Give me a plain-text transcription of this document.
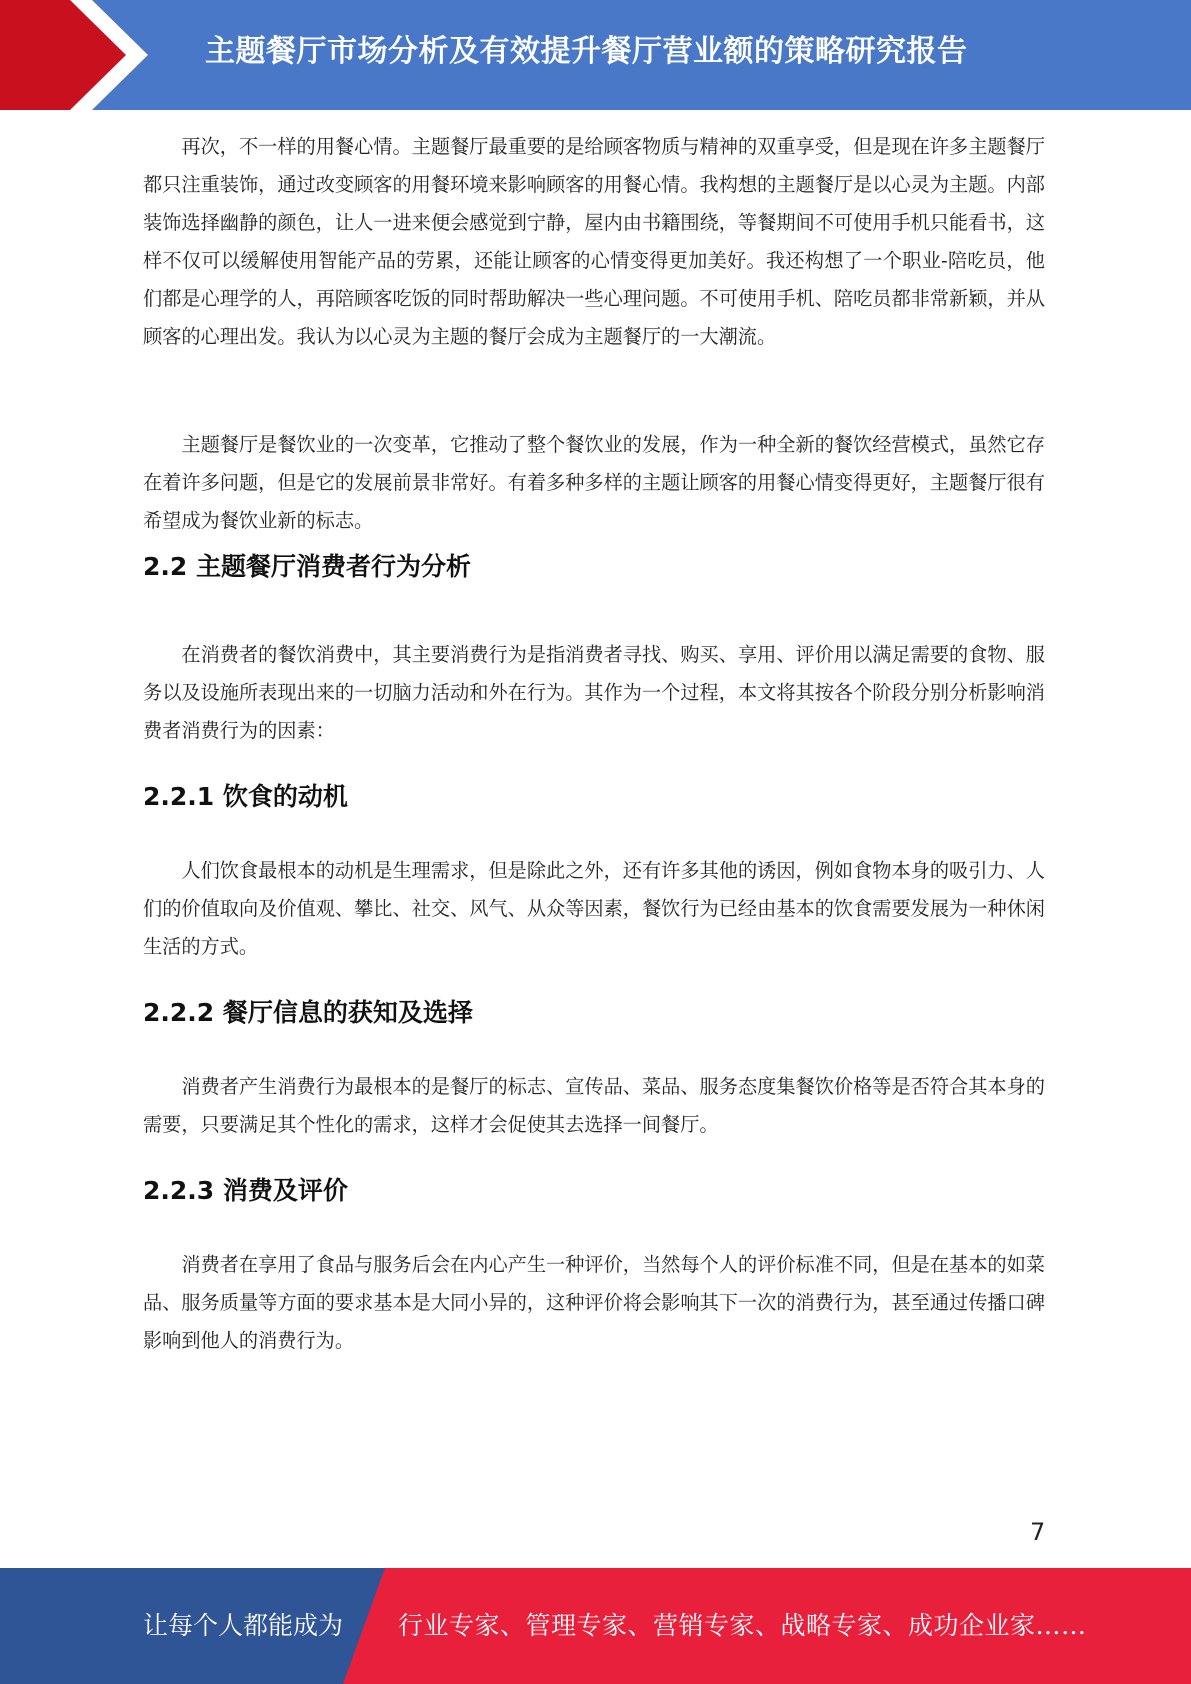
主题餐厅市场分析及有效提升餐厅营业额的策略研究报告

再次，不一样的用餐心情。主题餐厅最重要的是给顾客物质与精神的双重享受，但是现在许多主题餐厅都只注重装饰，通过改变顾客的用餐环境来影响顾客的用餐心情。我构想的主题餐厅是以心灵为主题。内部装饰选择幽静的颜色，让人一进来便会感觉到宁静，屋内由书籍围绕，等餐期间不可使用手机只能看书，这样不仅可以缓解使用智能产品的劳累，还能让顾客的心情变得更加美好。我还构想了一个职业-陪吃员，他们都是心理学的人，再陪顾客吃饭的同时帮助解决一些心理问题。不可使用手机、陪吃员都非常新颖，并从顾客的心理出发。我认为以心灵为主题的餐厅会成为主题餐厅的一大潮流。

主题餐厅是餐饮业的一次变革，它推动了整个餐饮业的发展，作为一种全新的餐饮经营模式，虽然它存在着许多问题，但是它的发展前景非常好。有着多种多样的主题让顾客的用餐心情变得更好，主题餐厅很有希望成为餐饮业新的标志。

2.2 主题餐厅消费者行为分析

在消费者的餐饮消费中，其主要消费行为是指消费者寻找、购买、享用、评价用以满足需要的食物、服务以及设施所表现出来的一切脑力活动和外在行为。其作为一个过程，本文将其按各个阶段分别分析影响消费者消费行为的因素：

2.2.1 饮食的动机

人们饮食最根本的动机是生理需求，但是除此之外，还有许多其他的诱因，例如食物本身的吸引力、人们的价值取向及价值观、攀比、社交、风气、从众等因素，餐饮行为已经由基本的饮食需要发展为一种休闲生活的方式。

2.2.2 餐厅信息的获知及选择

消费者产生消费行为最根本的是餐厅的标志、宣传品、菜品、服务态度集餐饮价格等是否符合其本身的需要，只要满足其个性化的需求，这样才会促使其去选择一间餐厅。

2.2.3 消费及评价

消费者在享用了食品与服务后会在内心产生一种评价，当然每个人的评价标准不同，但是在基本的如菜品、服务质量等方面的要求基本是大同小异的，这种评价将会影响其下一次的消费行为，甚至通过传播口碑影响到他人的消费行为。

7
让每个人都能成为 行业专家、管理专家、营销专家、战略专家、成功企业家……
